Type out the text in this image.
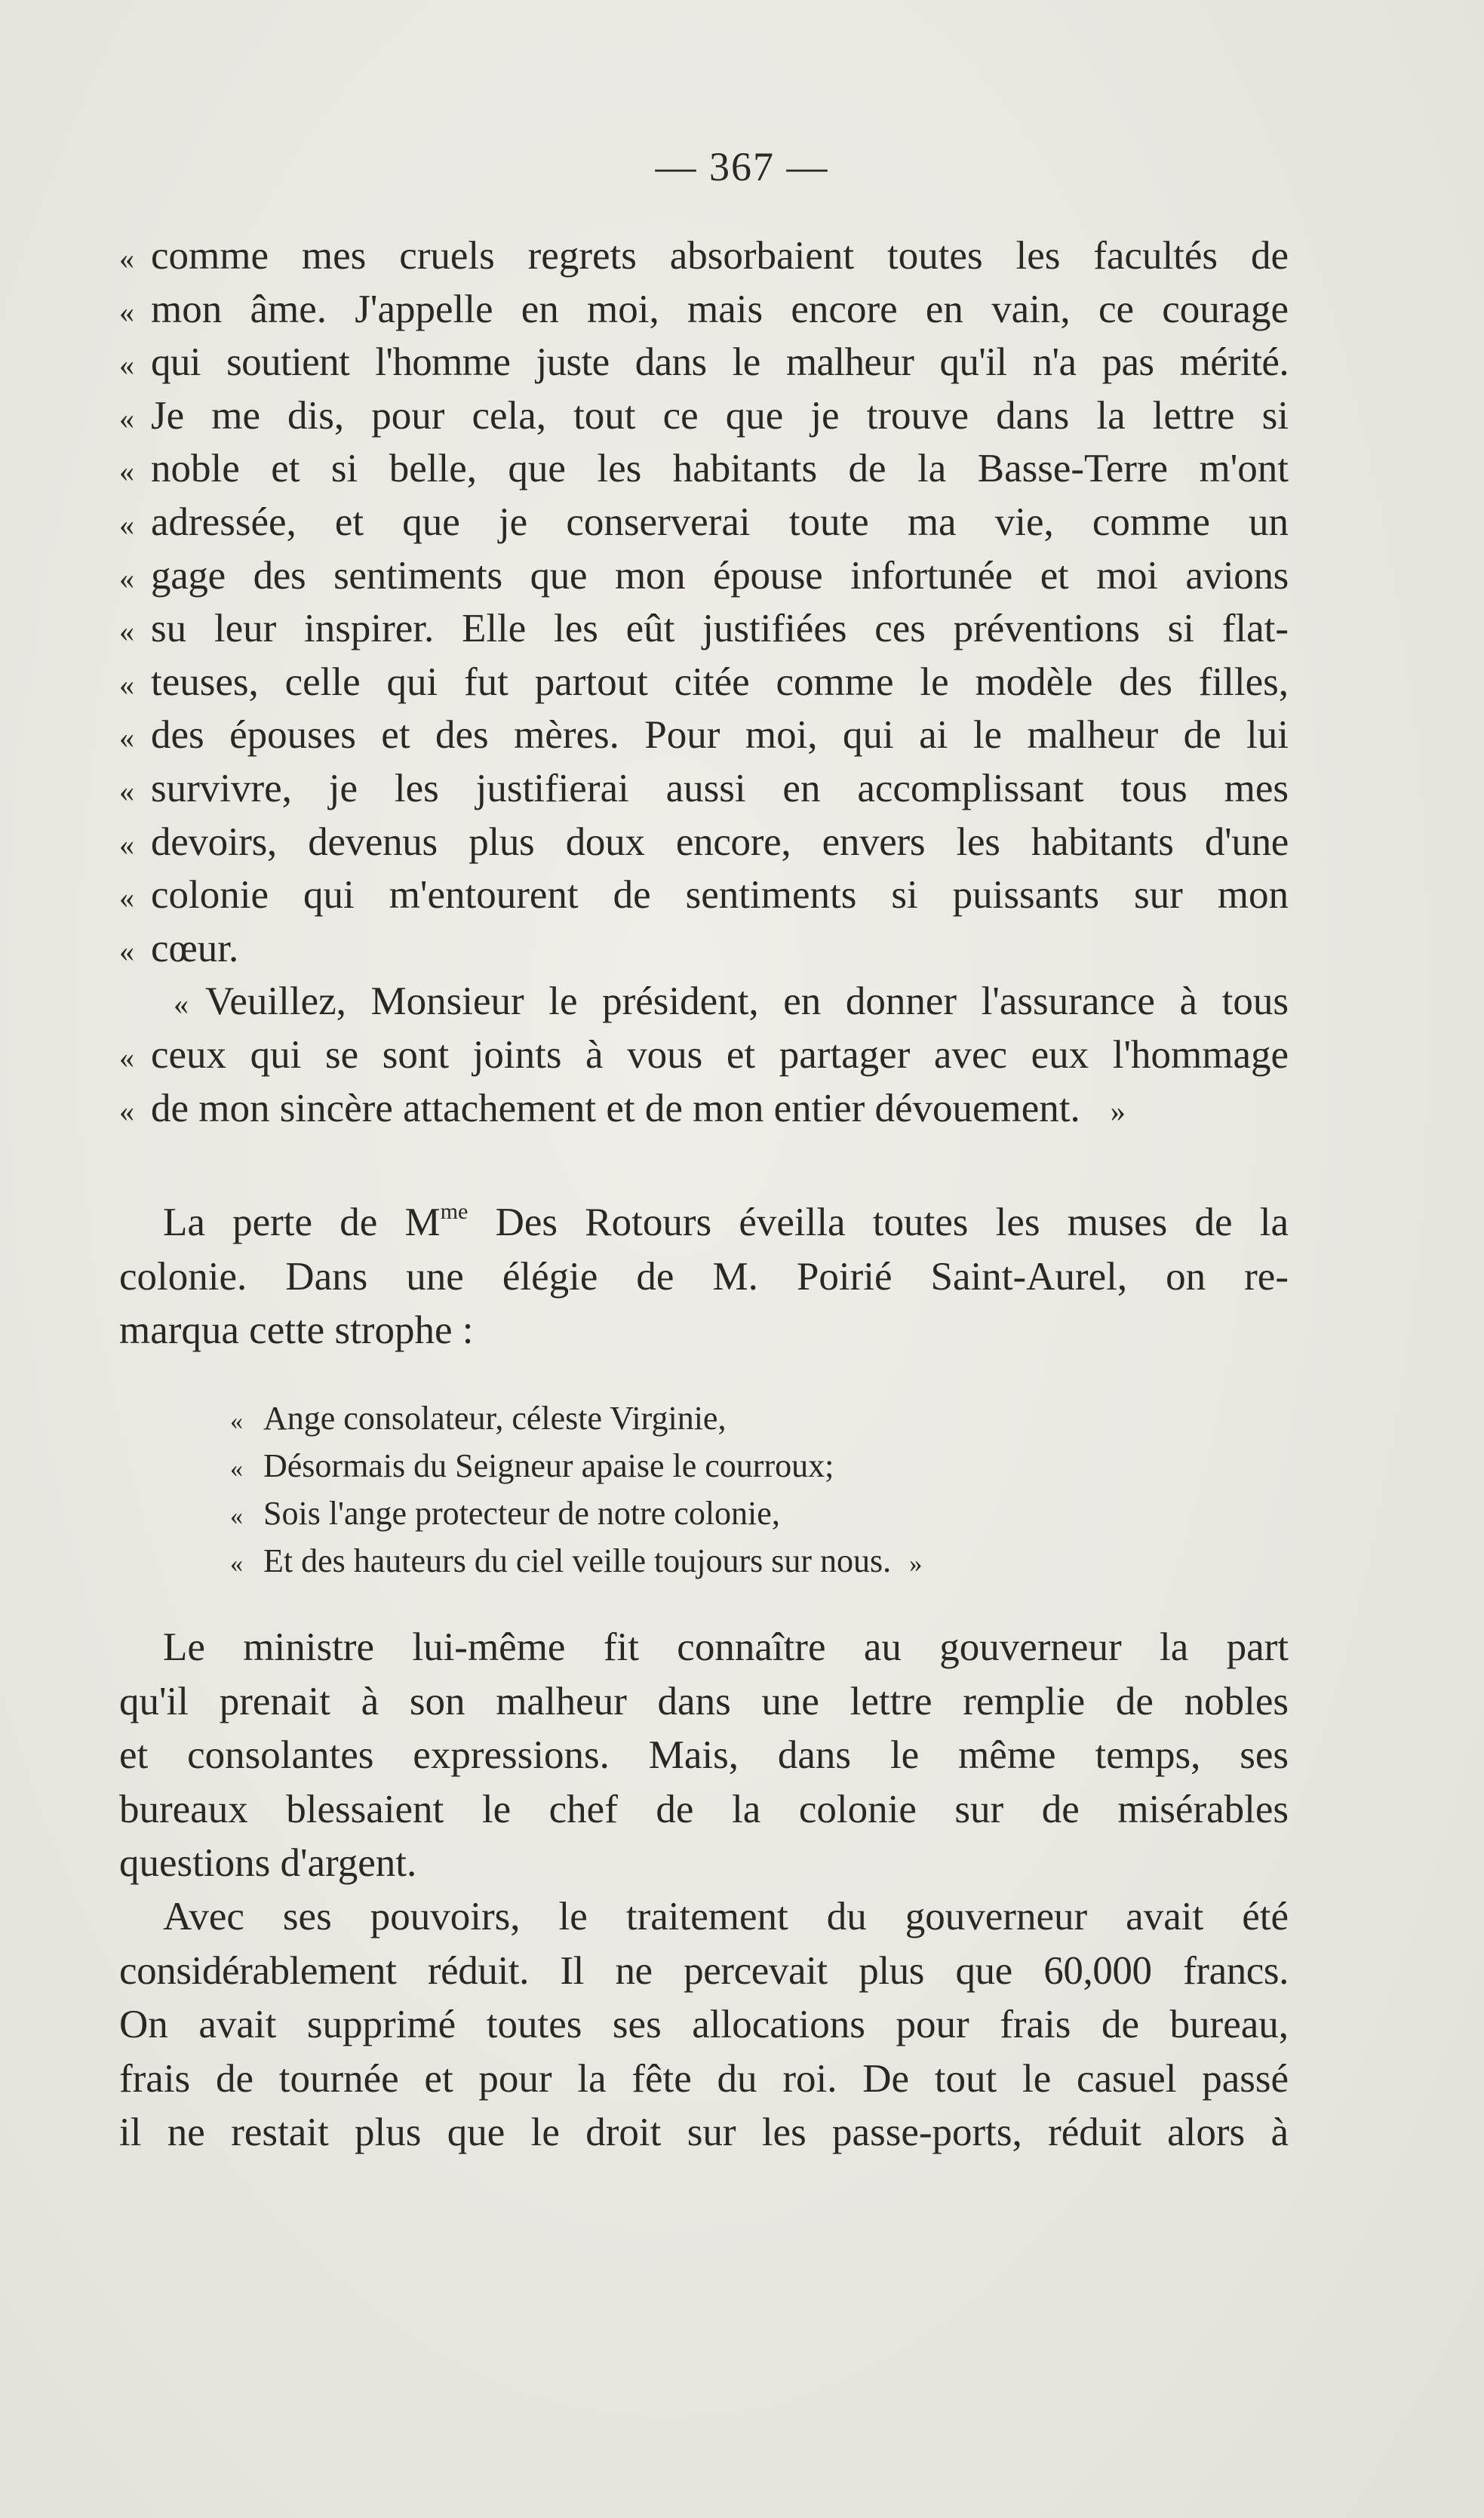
— 367 —
« comme mes cruels regrets absorbaient toutes les facultés de
« mon âme. J'appelle en moi, mais encore en vain, ce courage
« qui soutient l'homme juste dans le malheur qu'il n'a pas mérité.
« Je me dis, pour cela, tout ce que je trouve dans la lettre si
« noble et si belle, que les habitants de la Basse-Terre m'ont
« adressée, et que je conserverai toute ma vie, comme un
« gage des sentiments que mon épouse infortunée et moi avions
« su leur inspirer. Elle les eût justifiées ces préventions si flat-
« teuses, celle qui fut partout citée comme le modèle des filles,
« des épouses et des mères. Pour moi, qui ai le malheur de lui
« survivre, je les justifierai aussi en accomplissant tous mes
« devoirs, devenus plus doux encore, envers les habitants d'une
« colonie qui m'entourent de sentiments si puissants sur mon
« cœur.
« Veuillez, Monsieur le président, en donner l'assurance à tous
« ceux qui se sont joints à vous et partager avec eux l'hommage
« de mon sincère attachement et de mon entier dévouement. »
La perte de $M^{me}$ Des Rotours éveilla toutes les muses de la
colonie. Dans une élégie de M. Poirié Saint-Aurel, on re-
marqua cette strophe :
« Ange consolateur, céleste Virginie,
« Désormais du Seigneur apaise le courroux;
« Sois l'ange protecteur de notre colonie,
« Et des hauteurs du ciel veille toujours sur nous. »
Le ministre lui-même fit connaître au gouverneur la part
qu'il prenait à son malheur dans une lettre remplie de nobles
et consolantes expressions. Mais, dans le même temps, ses
bureaux blessaient le chef de la colonie sur de misérables
questions d'argent.
Avec ses pouvoirs, le traitement du gouverneur avait été
considérablement réduit. Il ne percevait plus que 60,000 francs.
On avait supprimé toutes ses allocations pour frais de bureau,
frais de tournée et pour la fête du roi. De tout le casuel passé
il ne restait plus que le droit sur les passe-ports, réduit alors à
